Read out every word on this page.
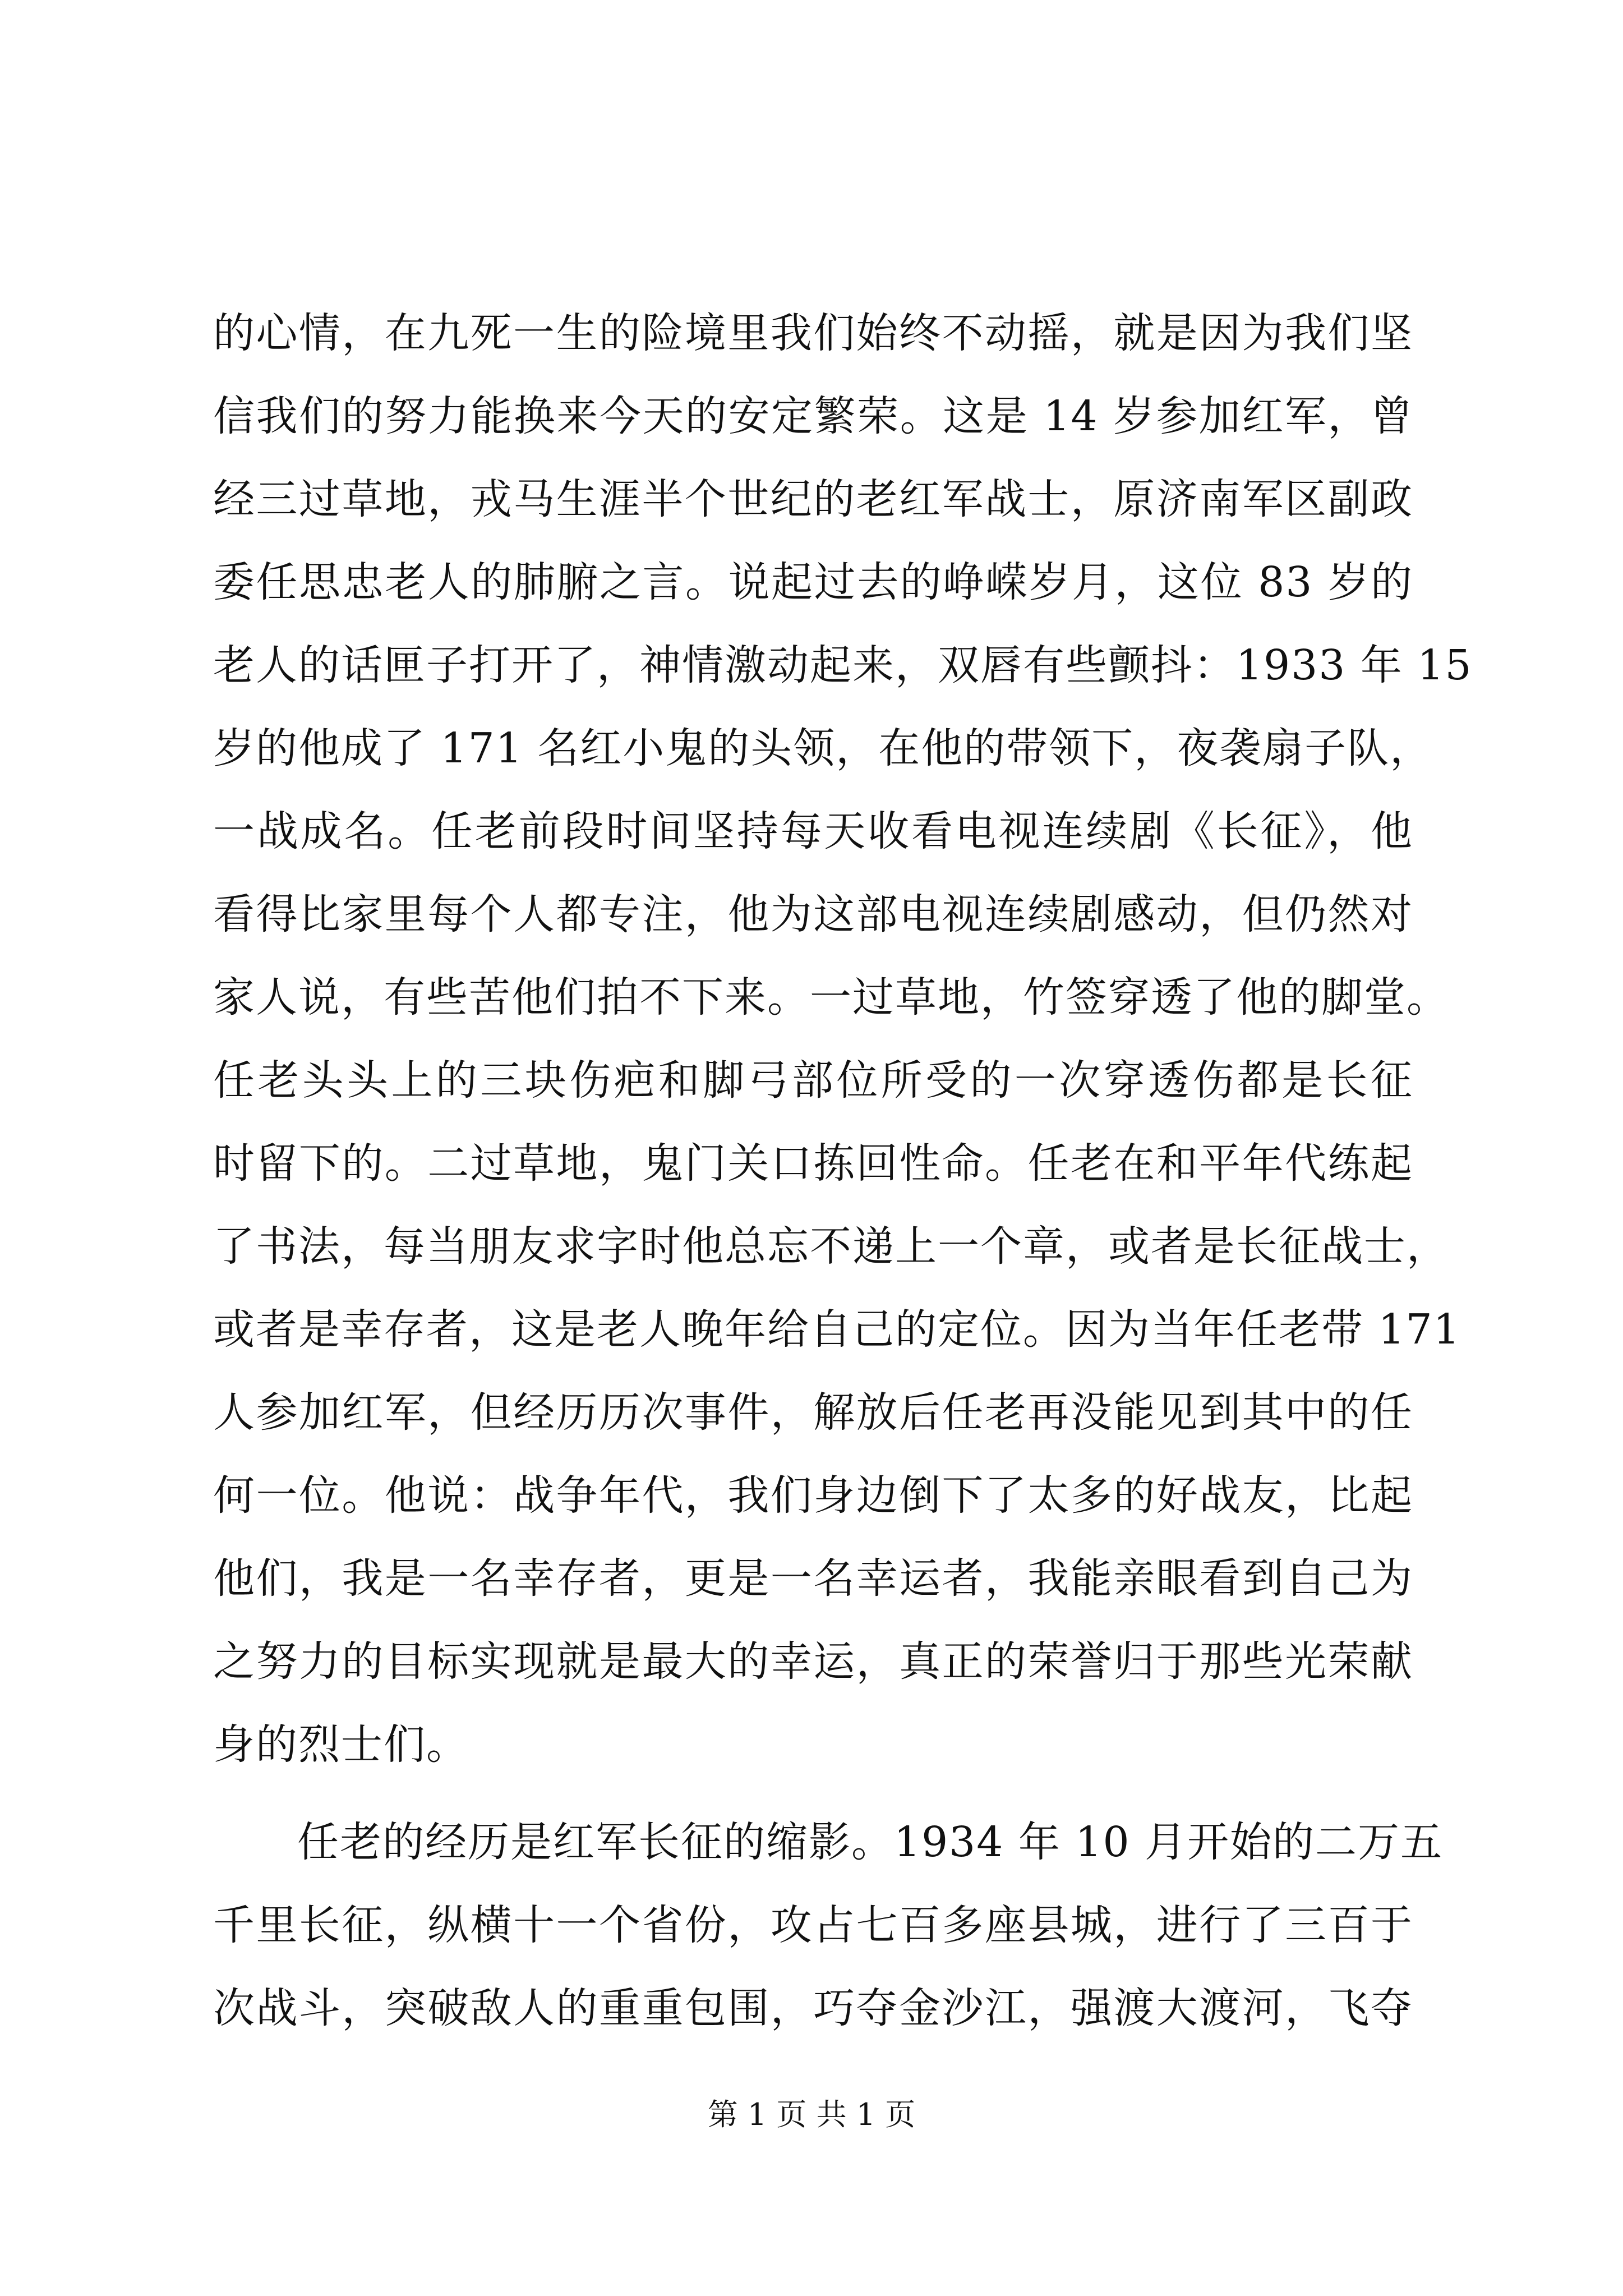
的心情，在九死一生的险境里我们始终不动摇，就是因为我们坚
信我们的努力能换来今天的安定繁荣。这是 14 岁参加红军，曾
经三过草地，戎马生涯半个世纪的老红军战士，原济南军区副政
委任思忠老人的肺腑之言。说起过去的峥嵘岁月，这位 83 岁的
老人的话匣子打开了，神情激动起来，双唇有些颤抖：1933 年 15
岁的他成了 171 名红小鬼的头领，在他的带领下，夜袭扇子队，
一战成名。任老前段时间坚持每天收看电视连续剧《长征》，他
看得比家里每个人都专注，他为这部电视连续剧感动，但仍然对
家人说，有些苦他们拍不下来。一过草地，竹签穿透了他的脚堂。
任老头头上的三块伤疤和脚弓部位所受的一次穿透伤都是长征
时留下的。二过草地，鬼门关口拣回性命。任老在和平年代练起
了书法，每当朋友求字时他总忘不递上一个章，或者是长征战士，
或者是幸存者，这是老人晚年给自己的定位。因为当年任老带 171
人参加红军，但经历历次事件，解放后任老再没能见到其中的任
何一位。他说：战争年代，我们身边倒下了太多的好战友，比起
他们，我是一名幸存者，更是一名幸运者，我能亲眼看到自己为
之努力的目标实现就是最大的幸运，真正的荣誉归于那些光荣献
身的烈士们。
任老的经历是红军长征的缩影。1934 年 10 月开始的二万五
千里长征，纵横十一个省份，攻占七百多座县城，进行了三百于
次战斗，突破敌人的重重包围，巧夺金沙江，强渡大渡河，飞夺
第 1 页 共 1 页
